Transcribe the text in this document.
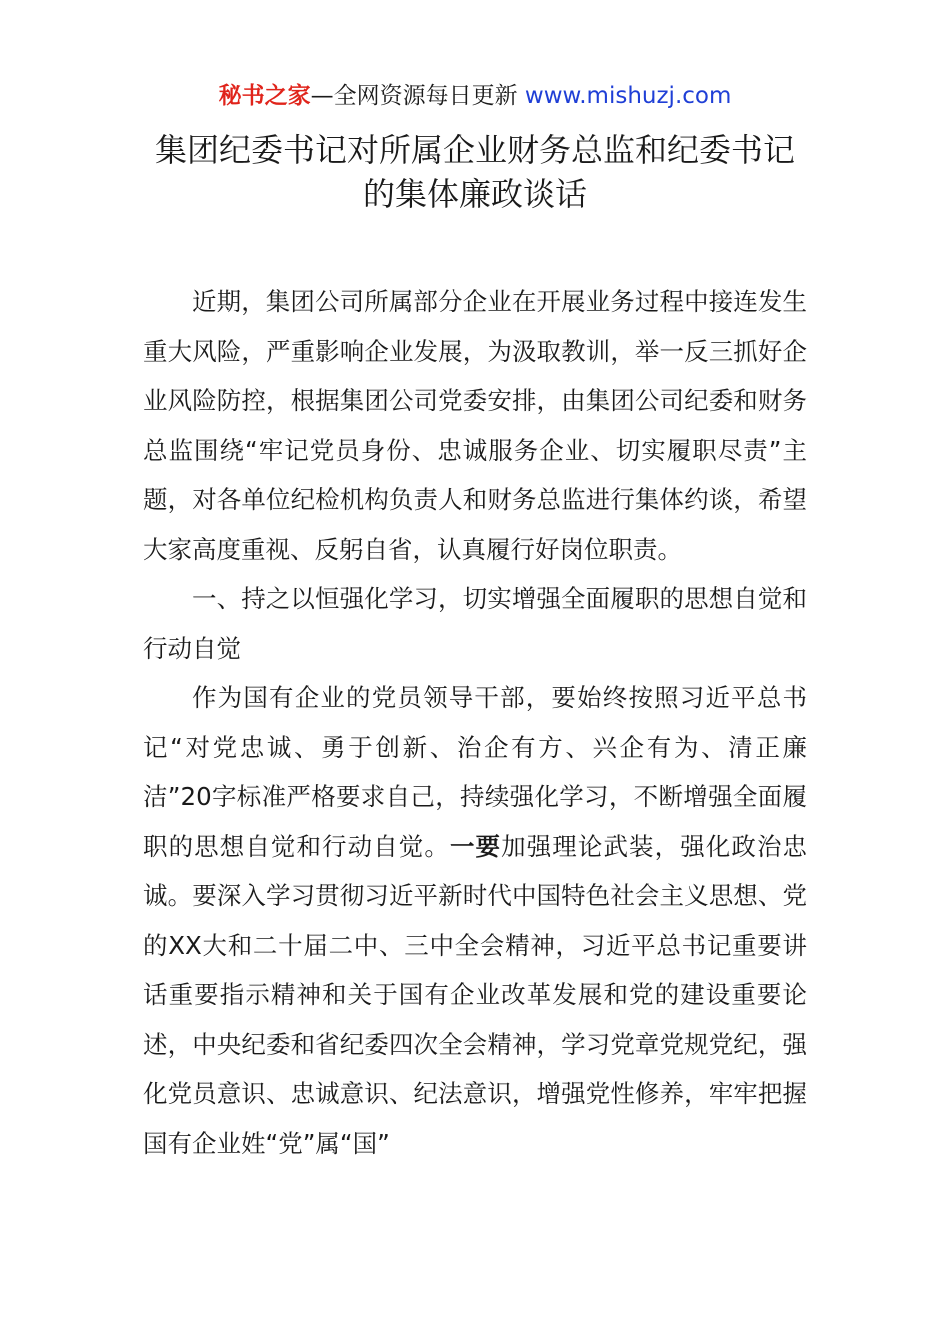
秘书之家—全网资源每日更新 www.mishuzj.com
集团纪委书记对所属企业财务总监和纪委书记
的集体廉政谈话

近期，集团公司所属部分企业在开展业务过程中接连发生重大风险，严重影响企业发展，为汲取教训，举一反三抓好企业风险防控，根据集团公司党委安排，由集团公司纪委和财务总监围绕“牢记党员身份、忠诚服务企业、切实履职尽责”主题，对各单位纪检机构负责人和财务总监进行集体约谈，希望大家高度重视、反躬自省，认真履行好岗位职责。

一、持之以恒强化学习，切实增强全面履职的思想自觉和行动自觉

作为国有企业的党员领导干部，要始终按照习近平总书记“对党忠诚、勇于创新、治企有方、兴企有为、清正廉洁”20字标准严格要求自己，持续强化学习，不断增强全面履职的思想自觉和行动自觉。一要加强理论武装，强化政治忠诚。要深入学习贯彻习近平新时代中国特色社会主义思想、党的XX大和二十届二中、三中全会精神，习近平总书记重要讲话重要指示精神和关于国有企业改革发展和党的建设重要论述，中央纪委和省纪委四次全会精神，学习党章党规党纪，强化党员意识、忠诚意识、纪法意识，增强党性修养，牢牢把握国有企业姓“党”属“国”
